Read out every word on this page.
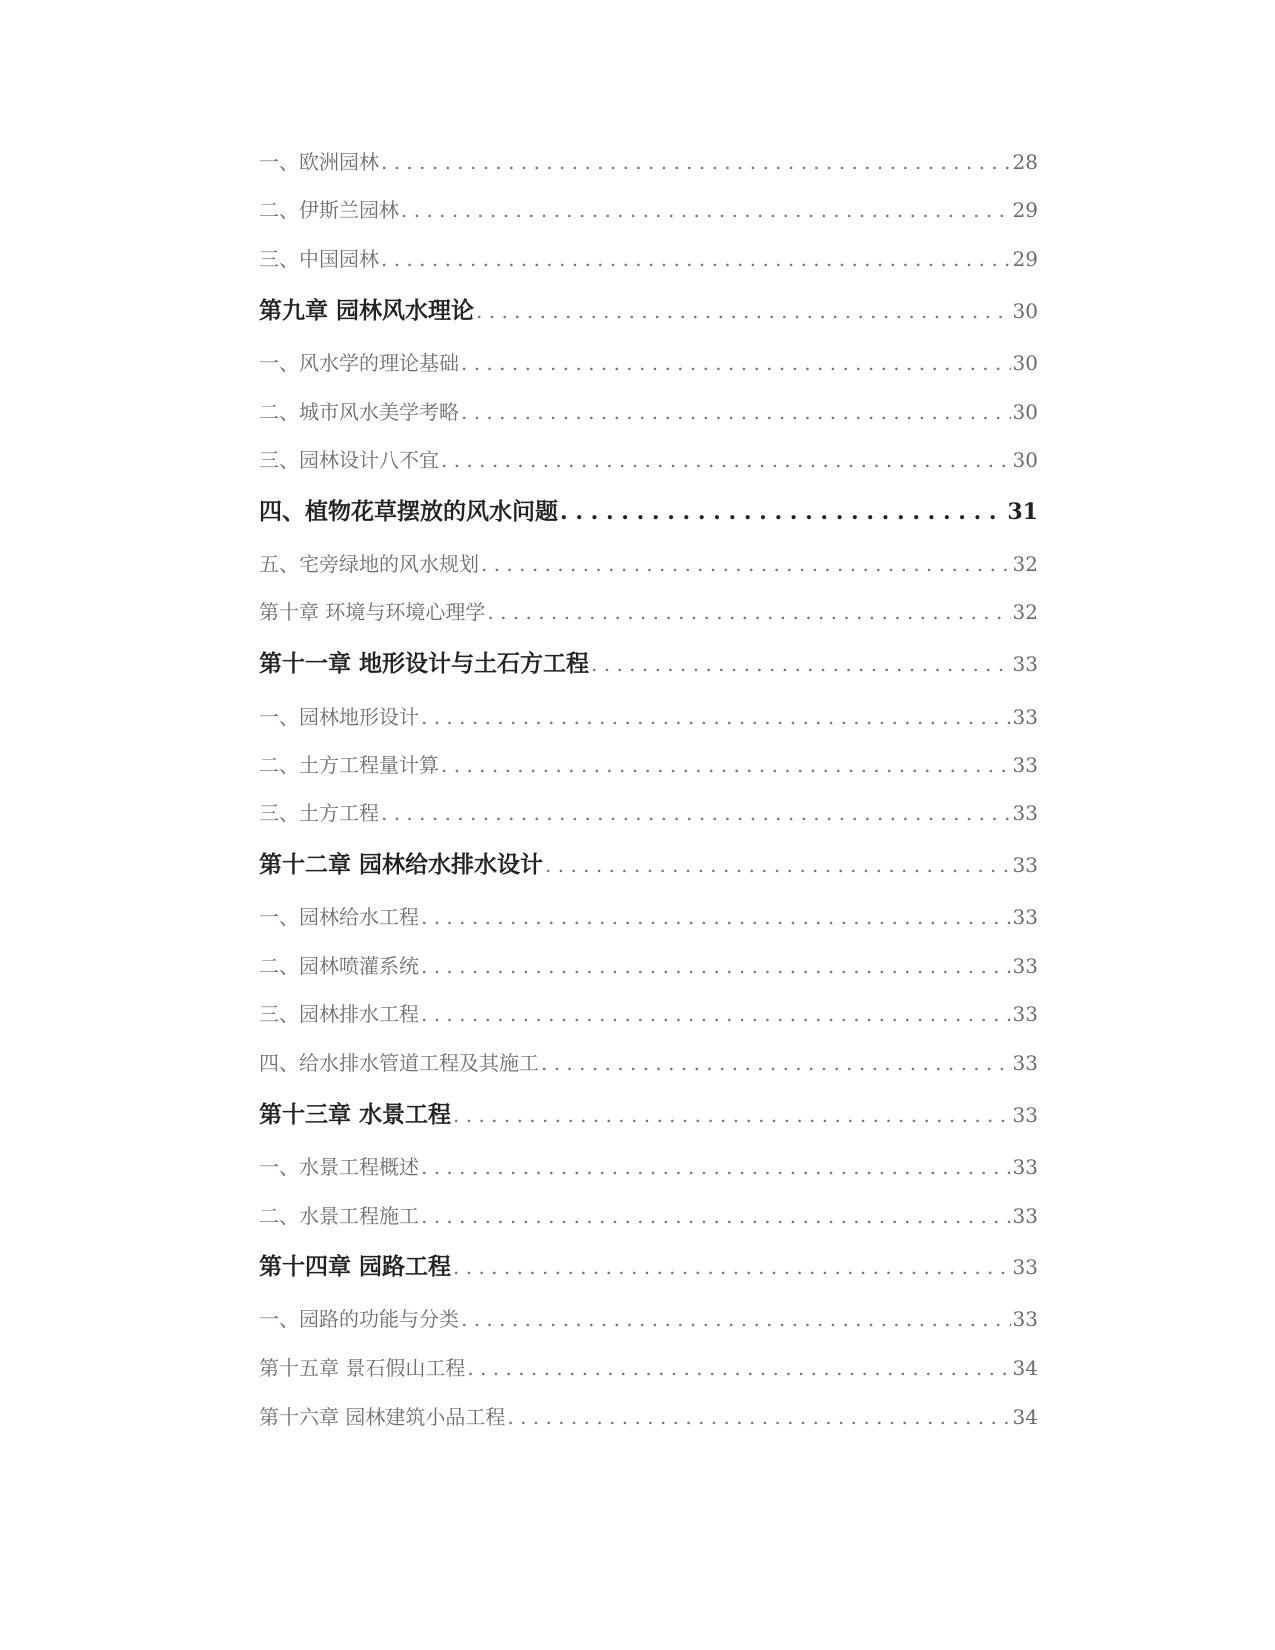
一、欧洲园林 . . .	28
二、伊斯兰园林 . . .	29
三、中国园林 . . .	29
第九章 园林风水理论 . . .	30
一、风水学的理论基础 . . .	30
二、城市风水美学考略 . . .	30
三、园林设计八不宜 . . .	30
四、植物花草摆放的风水问题 . . .	31
五、宅旁绿地的风水规划 . . .	32
第十章 环境与环境心理学 . . .	32
第十一章 地形设计与土石方工程 . . .	33
一、园林地形设计 . . .	33
二、土方工程量计算 . . .	33
三、土方工程 . . .	33
第十二章 园林给水排水设计 . . .	33
一、园林给水工程 . . .	33
二、园林喷灌系统 . . .	33
三、园林排水工程 . . .	33
四、给水排水管道工程及其施工 . . .	33
第十三章 水景工程 . . .	33
一、水景工程概述 . . .	33
二、水景工程施工 . . .	33
第十四章 园路工程 . . .	33
一、园路的功能与分类 . . .	33
第十五章 景石假山工程 . . .	34
第十六章 园林建筑小品工程 . . .	34
